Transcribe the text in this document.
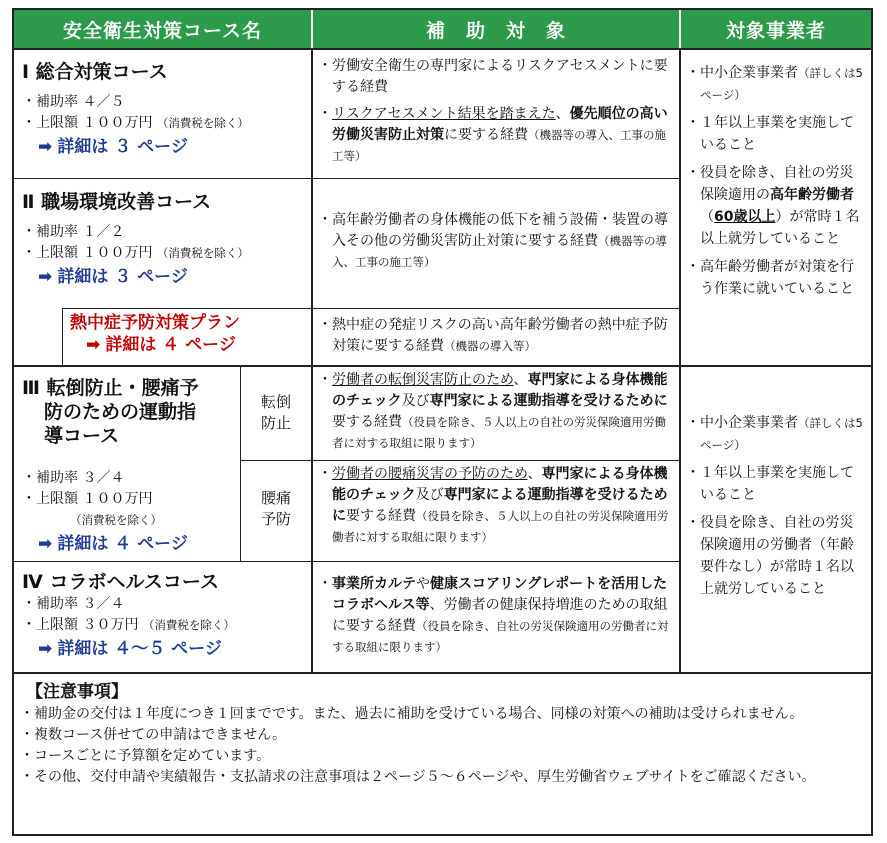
安全衛生対策コース名	補　助　対　象	対象事業者
Ⅰ 総合対策コース
・補助率 ４／５
・上限額 １００万円 （消費税を除く）
➡ 詳細は ３ ページ
・ 労働安全衛生の専門家によるリスクアセスメントに要する経費
・ リスクアセスメント結果を踏まえた、優先順位の高い労働災害防止対策に要する経費（機器等の導入、工事の施工等）
Ⅱ 職場環境改善コース
・補助率 １／２
・上限額 １００万円 （消費税を除く）
➡ 詳細は ３ ページ
・ 高年齢労働者の身体機能の低下を補う設備・装置の導入その他の労働災害防止対策に要する経費（機器等の導入、工事の施工等）
熱中症予防対策プラン
➡ 詳細は ４ ページ
・ 熱中症の発症リスクの高い高年齢労働者の熱中症予防対策に要する経費（機器の導入等）
・ 中小企業事業者（詳しくは5ページ）
・ １年以上事業を実施していること
・ 役員を除き、自社の労災保険適用の高年齢労働者（60歳以上）が常時１名以上就労していること
・ 高年齢労働者が対策を行う作業に就いていること
Ⅲ 転倒防止・腰痛予
防のための運動指
導コース
・補助率 ３／４
・上限額 １００万円
（消費税を除く）
➡ 詳細は ４ ページ
転倒
防止
腰痛
予防
・ 労働者の転倒災害防止のため、専門家による身体機能のチェック及び専門家による運動指導を受けるために要する経費（役員を除き、５人以上の自社の労災保険適用労働者に対する取組に限ります）
・ 労働者の腰痛災害の予防のため、専門家による身体機能のチェック及び専門家による運動指導を受けるために要する経費（役員を除き、５人以上の自社の労災保険適用労働者に対する取組に限ります）
Ⅳ コラボヘルスコース
・補助率 ３／４
・上限額 ３０万円 （消費税を除く）
➡ 詳細は ４～５ ページ
・ 事業所カルテや健康スコアリングレポートを活用したコラボヘルス等、労働者の健康保持増進のための取組に要する経費（役員を除き、自社の労災保険適用の労働者に対する取組に限ります）
・ 中小企業事業者（詳しくは5ページ）
・ １年以上事業を実施していること
・ 役員を除き、自社の労災保険適用の労働者（年齢要件なし）が常時１名以上就労していること
【注意事項】
・補助金の交付は１年度につき１回までです。また、過去に補助を受けている場合、同様の対策への補助は受けられません。
・複数コース併せての申請はできません。
・コースごとに予算額を定めています。
・その他、交付申請や実績報告・支払請求の注意事項は２ページ５～６ページや、厚生労働省ウェブサイトをご確認ください。
